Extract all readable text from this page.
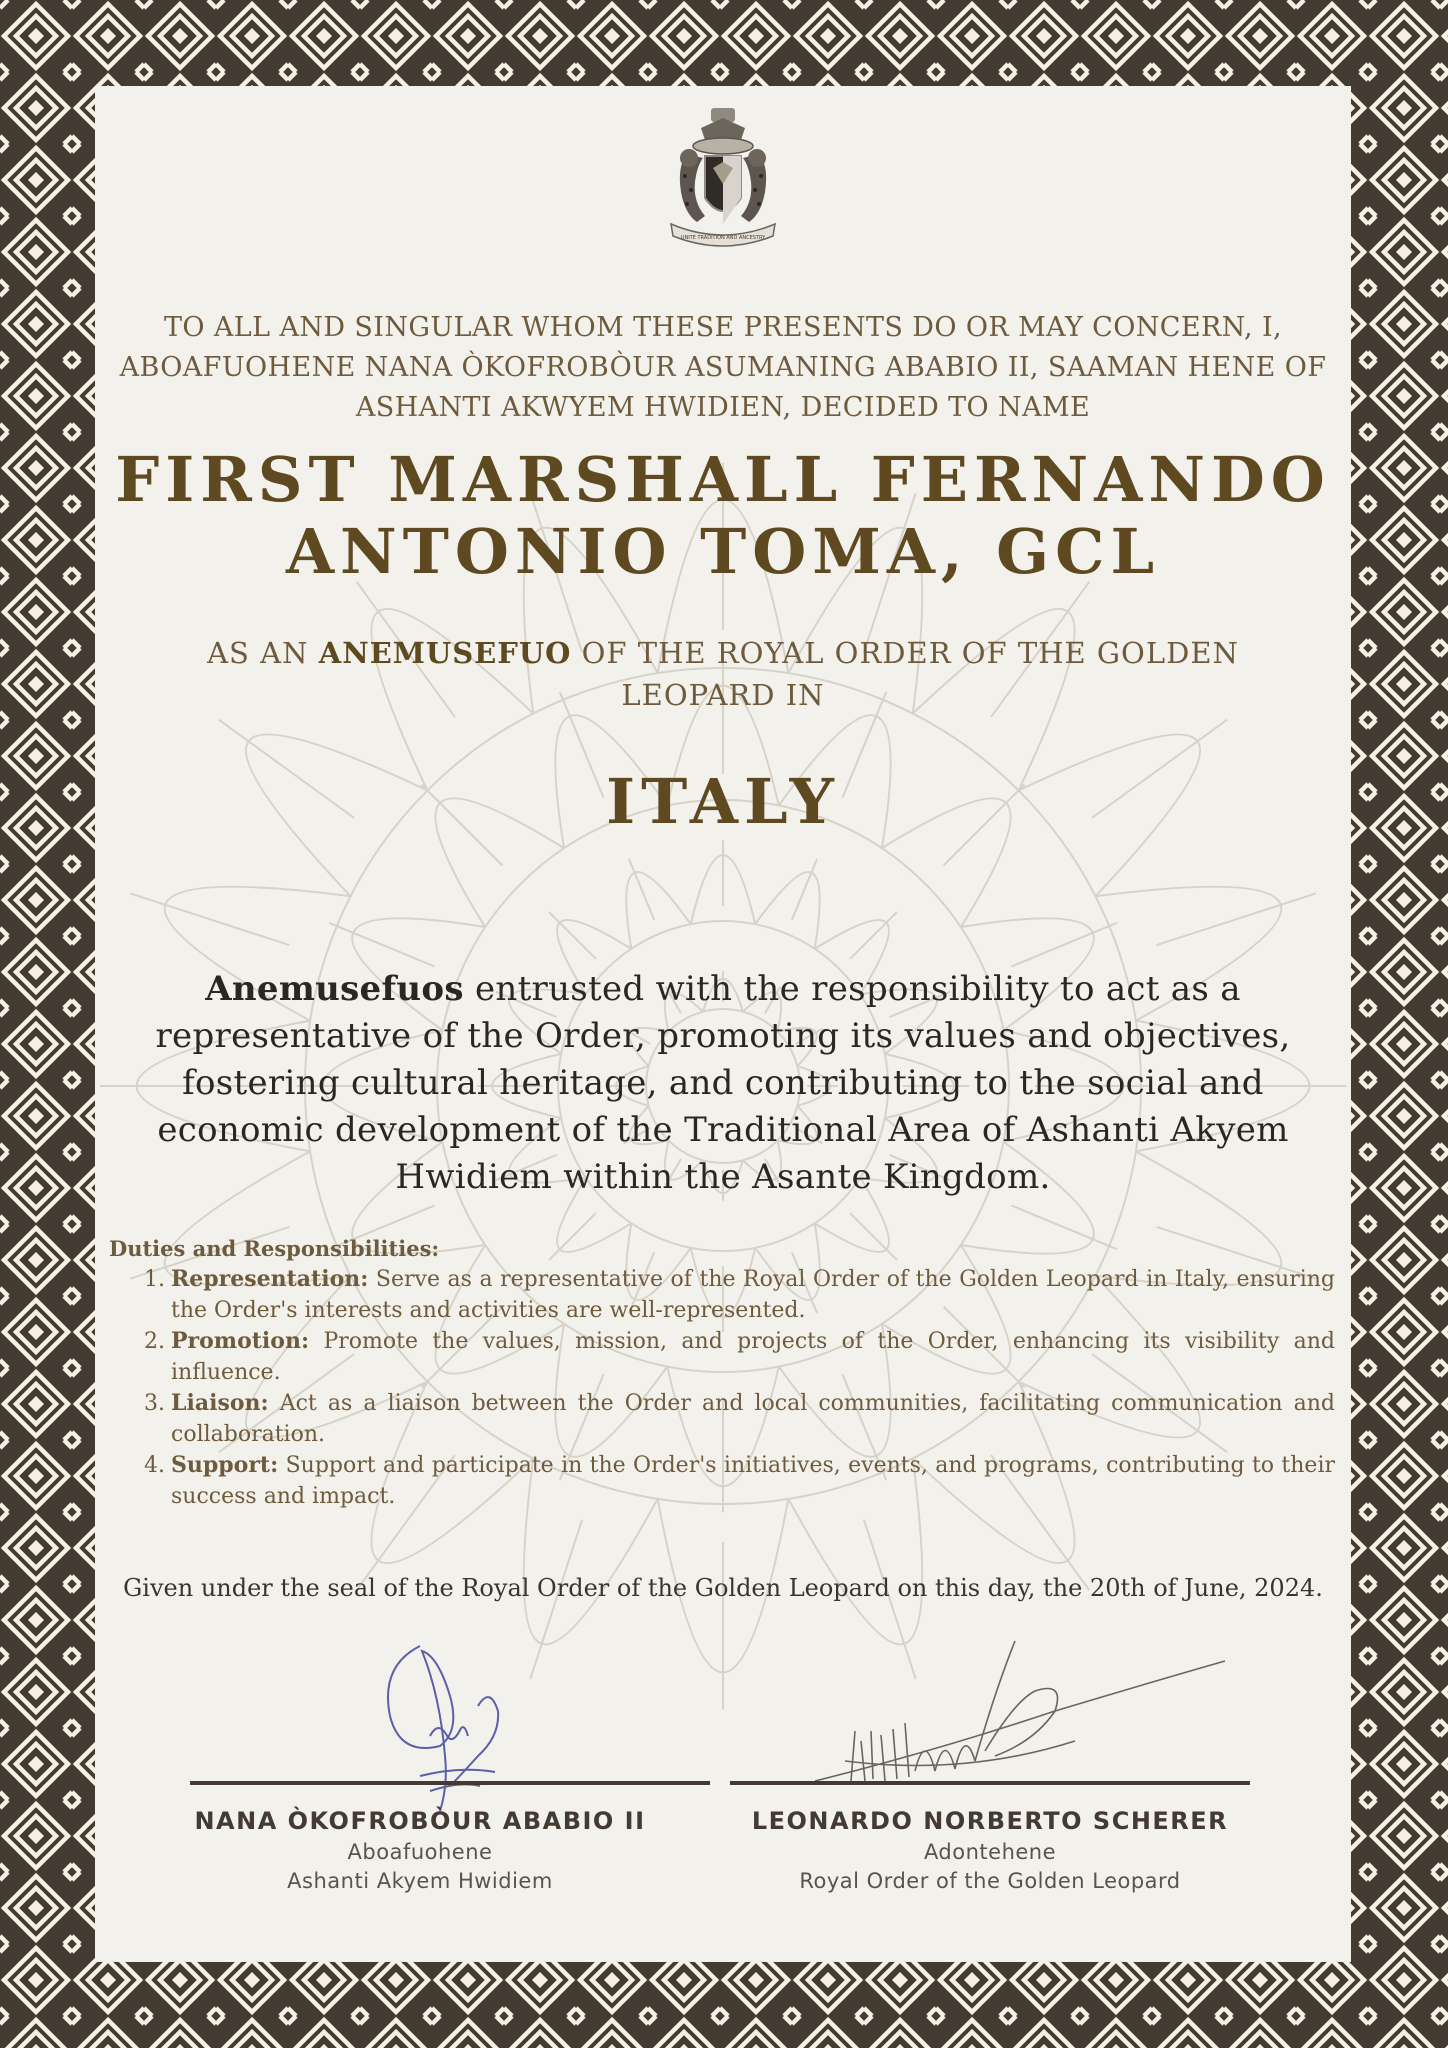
UNITE TRADITION AND ANCESTRY
TO ALL AND SINGULAR WHOM THESE PRESENTS DO OR MAY CONCERN, I, ABOAFUOHENE NANA ÒKOFROBÒUR ASUMANING ABABIO II, SAAMAN HENE OF ASHANTI AKWYEM HWIDIEN, DECIDED TO NAME
FIRST MARSHALL FERNANDO
ANTONIO TOMA, GCL
AS AN ANEMUSEFUO OF THE ROYAL ORDER OF THE GOLDEN LEOPARD IN
ITALY
Anemusefuos entrusted with the responsibility to act as a representative of the Order, promoting its values and objectives, fostering cultural heritage, and contributing to the social and economic development of the Traditional Area of Ashanti Akyem Hwidiem within the Asante Kingdom.
Duties and Responsibilities:
1. Representation: Serve as a representative of the Royal Order of the Golden Leopard in Italy, ensuring the Order's interests and activities are well-represented.
2. Promotion: Promote the values, mission, and projects of the Order, enhancing its visibility and influence.
3. Liaison: Act as a liaison between the Order and local communities, facilitating communication and collaboration.
4. Support: Support and participate in the Order's initiatives, events, and programs, contributing to their success and impact.
Given under the seal of the Royal Order of the Golden Leopard on this day, the 20th of June, 2024.
NANA ÒKOFROBÒUR ABABIO II
Aboafuohene
Ashanti Akyem Hwidiem
LEONARDO NORBERTO SCHERER
Adontehene
Royal Order of the Golden Leopard
